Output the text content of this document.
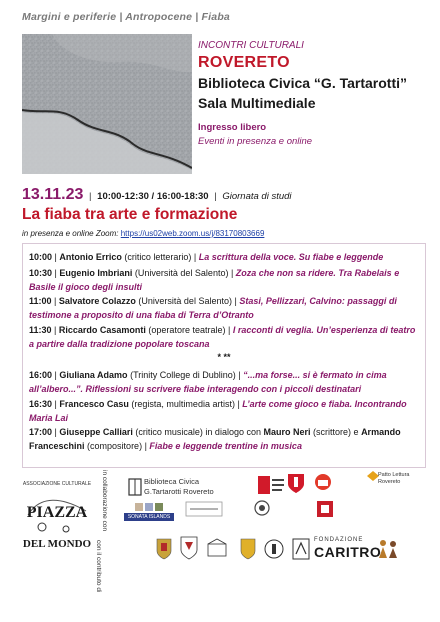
Margini e periferie | Antropocene | Fiaba
INCONTRI CULTURALI
ROVERETO
Biblioteca Civica “G. Tartarotti”
Sala Multimediale
Ingresso libero
Eventi in presenza e online
13.11.23 | 10:00-12:30 / 16:00-18:30 | Giornata di studi
La fiaba tra arte e formazione
in presenza e online Zoom: https://us02web.zoom.us/j/83170803669
10:00 | Antonio Errico (critico letterario) | La scrittura della voce. Su fiabe e leggende
10:30 | Eugenio Imbriani (Università del Salento) | Zoza che non sa ridere. Tra Rabelais e Basile il gioco degli insulti
11:00 | Salvatore Colazzo (Università del Salento) | Stasi, Pellizzari, Calvino: passaggi di testimone a proposito di una fiaba di Terra d’Otranto
11:30 | Riccardo Casamonti (operatore teatrale) | I racconti di veglia. Un’esperienza di teatro a partire dalla tradizione popolare toscana
* **
16:00 | Giuliana Adamo (Trinity College di Dublino) | “...ma forse... si è fermato in cima all’albero...”. Riflessioni su scrivere fiabe interagendo con i piccoli destinatari
16:30 | Francesco Casu (regista, multimedia artist) | L’arte come gioco e fiaba. Incontrando Maria Lai
17:00 | Giuseppe Calliari (critico musicale) in dialogo con Mauro Neri (scrittore) e Armando Franceschini (compositore) | Fiabe e leggende trentine in musica
ASSOCIAZIONE CULTURALE
PIAZZA
DEL MONDO
in collaborazione con
con il contributo di
Biblioteca Civica
G.Tartarotti Rovereto
SONATA ISLANDS
Patto Lettura Rovereto
FONDAZIONE
CARITRO
